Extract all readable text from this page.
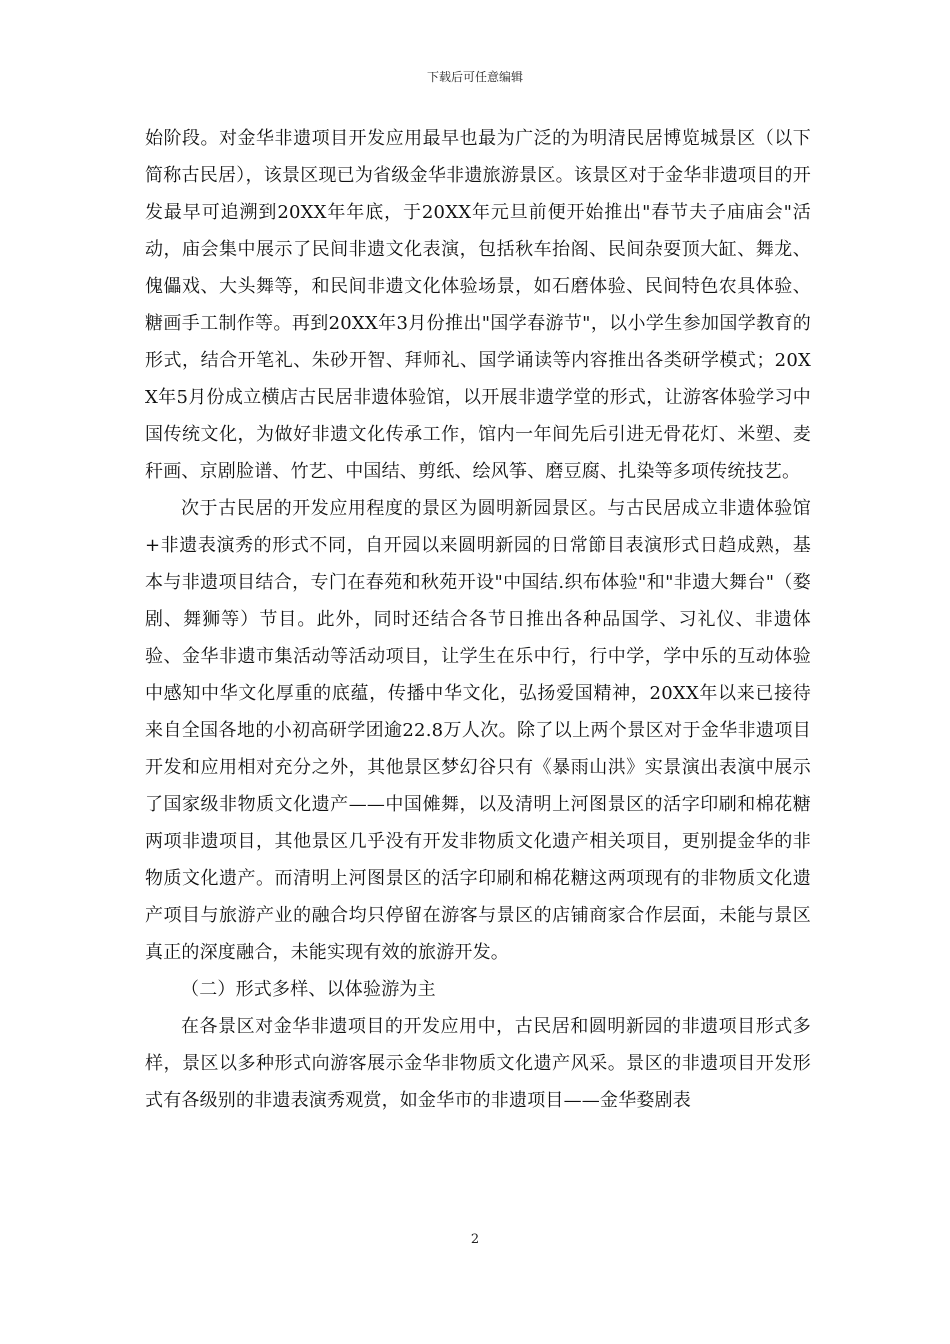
下载后可任意编辑

始阶段。对金华非遗项目开发应用最早也最为广泛的为明清民居博览城景区（以下简称古民居），该景区现已为省级金华非遗旅游景区。该景区对于金华非遗项目的开发最早可追溯到20XX年年底，于20XX年元旦前便开始推出"春节夫子庙庙会"活动，庙会集中展示了民间非遗文化表演，包括秋车抬阁、民间杂耍顶大缸、舞龙、傀儡戏、大头舞等，和民间非遗文化体验场景，如石磨体验、民间特色农具体验、糖画手工制作等。再到20XX年3月份推出"国学春游节"，以小学生参加国学教育的形式，结合开笔礼、朱砂开智、拜师礼、国学诵读等内容推出各类研学模式；20XX年5月份成立横店古民居非遗体验馆，以开展非遗学堂的形式，让游客体验学习中国传统文化，为做好非遗文化传承工作，馆内一年间先后引进无骨花灯、米塑、麦秆画、京剧脸谱、竹艺、中国结、剪纸、绘风筝、磨豆腐、扎染等多项传统技艺。

次于古民居的开发应用程度的景区为圆明新园景区。与古民居成立非遗体验馆+非遗表演秀的形式不同，自开园以来圆明新园的日常節目表演形式日趋成熟，基本与非遗项目结合，专门在春苑和秋苑开设"中国结.织布体验"和"非遗大舞台"（婺剧、舞狮等）节目。此外，同时还结合各节日推出各种品国学、习礼仪、非遗体验、金华非遗市集活动等活动项目，让学生在乐中行，行中学，学中乐的互动体验中感知中华文化厚重的底蕴，传播中华文化，弘扬爱国精神，20XX年以来已接待来自全国各地的小初高研学团逾22.8万人次。除了以上两个景区对于金华非遗项目开发和应用相对充分之外，其他景区梦幻谷只有《暴雨山洪》实景演出表演中展示了国家级非物质文化遗产——中国傩舞，以及清明上河图景区的活字印刷和棉花糖两项非遗项目，其他景区几乎没有开发非物质文化遗产相关项目，更别提金华的非物质文化遗产。而清明上河图景区的活字印刷和棉花糖这两项现有的非物质文化遗产项目与旅游产业的融合均只停留在游客与景区的店铺商家合作层面，未能与景区真正的深度融合，未能实现有效的旅游开发。

（二）形式多样、以体验游为主

在各景区对金华非遗项目的开发应用中，古民居和圆明新园的非遗项目形式多样，景区以多种形式向游客展示金华非物质文化遗产风采。景区的非遗项目开发形式有各级别的非遗表演秀观赏，如金华市的非遗项目——金华婺剧表

2
